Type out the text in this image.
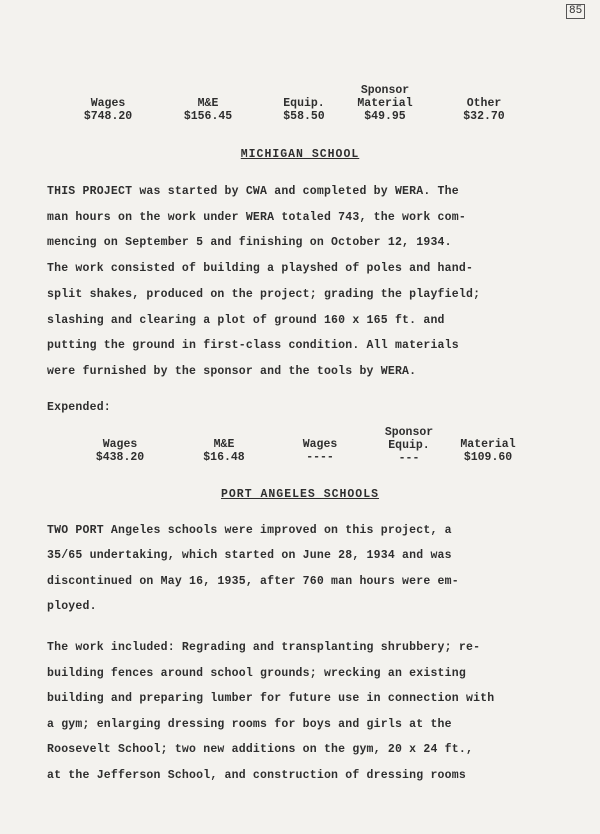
85
Wages
$748.20
M&E
$156.45
Equip.
$58.50
Sponsor
Material
$49.95
Other
$32.70
MICHIGAN SCHOOL
THIS PROJECT was started by CWA and completed by WERA. The
man hours on the work under WERA totaled 743, the work com-
mencing on September 5 and finishing on October 12, 1934.
The work consisted of building a playshed of poles and hand-
split shakes, produced on the project; grading the playfield;
slashing and clearing a plot of ground 160 x 165 ft. and
putting the ground in first-class condition. All materials
were furnished by the sponsor and the tools by WERA.
Expended:
Wages
$438.20
M&E
$16.48
Wages
----
Sponsor
Equip.
---
Material
$109.60
PORT ANGELES SCHOOLS
TWO PORT Angeles schools were improved on this project, a
35/65 undertaking, which started on June 28, 1934 and was
discontinued on May 16, 1935, after 760 man hours were em-
ployed.
The work included: Regrading and transplanting shrubbery; re-
building fences around school grounds; wrecking an existing
building and preparing lumber for future use in connection with
a gym; enlarging dressing rooms for boys and girls at the
Roosevelt School; two new additions on the gym, 20 x 24 ft.,
at the Jefferson School, and construction of dressing rooms
